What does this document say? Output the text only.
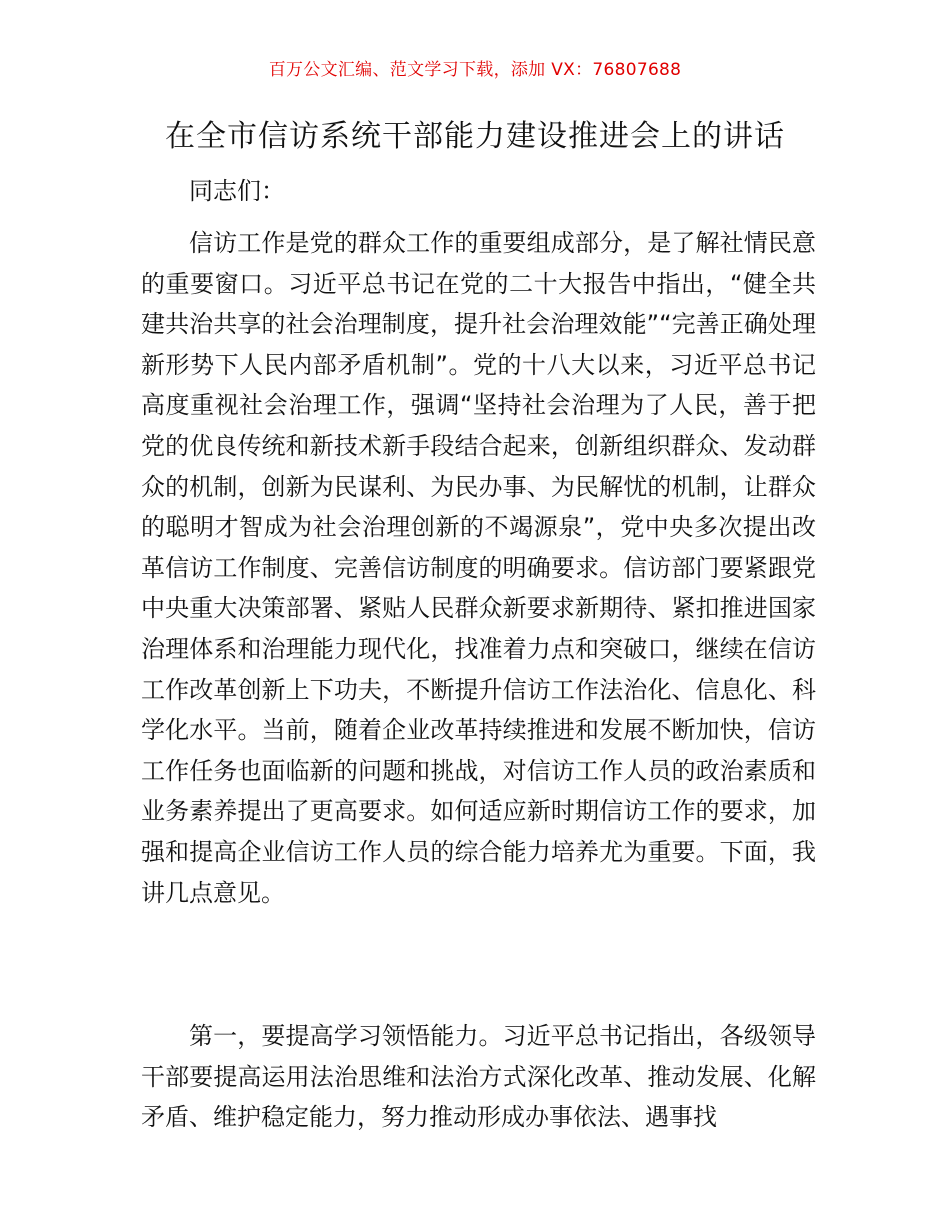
百万公文汇编、范文学习下载，添加 VX：76807688
在全市信访系统干部能力建设推进会上的讲话
同志们：

信访工作是党的群众工作的重要组成部分，是了解社情民意的重要窗口。习近平总书记在党的二十大报告中指出，“健全共建共治共享的社会治理制度，提升社会治理效能”“完善正确处理新形势下人民内部矛盾机制”。党的十八大以来，习近平总书记高度重视社会治理工作，强调“坚持社会治理为了人民，善于把党的优良传统和新技术新手段结合起来，创新组织群众、发动群众的机制，创新为民谋利、为民办事、为民解忧的机制，让群众的聪明才智成为社会治理创新的不竭源泉”，党中央多次提出改革信访工作制度、完善信访制度的明确要求。信访部门要紧跟党中央重大决策部署、紧贴人民群众新要求新期待、紧扣推进国家治理体系和治理能力现代化，找准着力点和突破口，继续在信访工作改革创新上下功夫，不断提升信访工作法治化、信息化、科学化水平。当前，随着企业改革持续推进和发展不断加快，信访工作任务也面临新的问题和挑战，对信访工作人员的政治素质和业务素养提出了更高要求。如何适应新时期信访工作的要求，加强和提高企业信访工作人员的综合能力培养尤为重要。下面，我讲几点意见。

第一，要提高学习领悟能力。习近平总书记指出，各级领导干部要提高运用法治思维和法治方式深化改革、推动发展、化解矛盾、维护稳定能力，努力推动形成办事依法、遇事找
